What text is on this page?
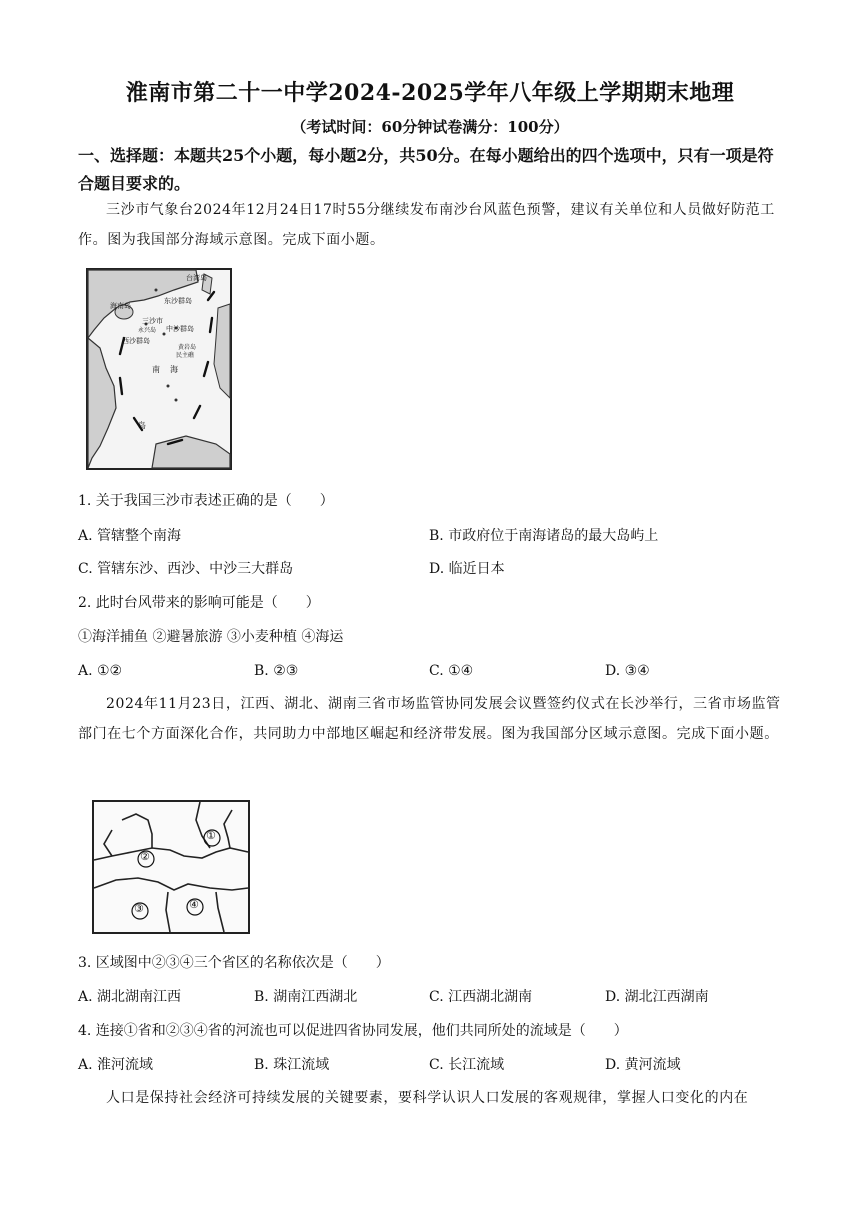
淮南市第二十一中学2024-2025学年八年级上学期期末地理
（考试时间：60分钟试卷满分：100分）
一、选择题：本题共25个小题，每小题2分，共50分。在每小题给出的四个选项中，只有一项是符合题目要求的。
三沙市气象台2024年12月24日17时55分继续发布南沙台风蓝色预警，建议有关单位和人员做好防范工作。图为我国部分海域示意图。完成下面小题。
台湾岛
海南岛
东沙群岛
三沙市
永兴岛 中沙群岛
西沙群岛
黄岩岛
民主礁
南 海
岛
1. 关于我国三沙市表述正确的是（　　）
A. 管辖整个南海	B. 市政府位于南海诸岛的最大岛屿上
C. 管辖东沙、西沙、中沙三大群岛	D. 临近日本
2. 此时台风带来的影响可能是（　　）
①海洋捕鱼 ②避暑旅游 ③小麦种植 ④海运
A. ①②	B. ②③	C. ①④	D. ③④
2024年11月23日，江西、湖北、湖南三省市场监管协同发展会议暨签约仪式在长沙举行，三省市场监管部门在七个方面深化合作，共同助力中部地区崛起和经济带发展。图为我国部分区域示意图。完成下面小题。
①
②
③	④
3. 区域图中②③④三个省区的名称依次是（　　）
A. 湖北湖南江西	B. 湖南江西湖北	C. 江西湖北湖南	D. 湖北江西湖南
4. 连接①省和②③④省的河流也可以促进四省协同发展，他们共同所处的流域是（　　）
A. 淮河流域	B. 珠江流域	C. 长江流域	D. 黄河流域
人口是保持社会经济可持续发展的关键要素，要科学认识人口发展的客观规律，掌握人口变化的内在
